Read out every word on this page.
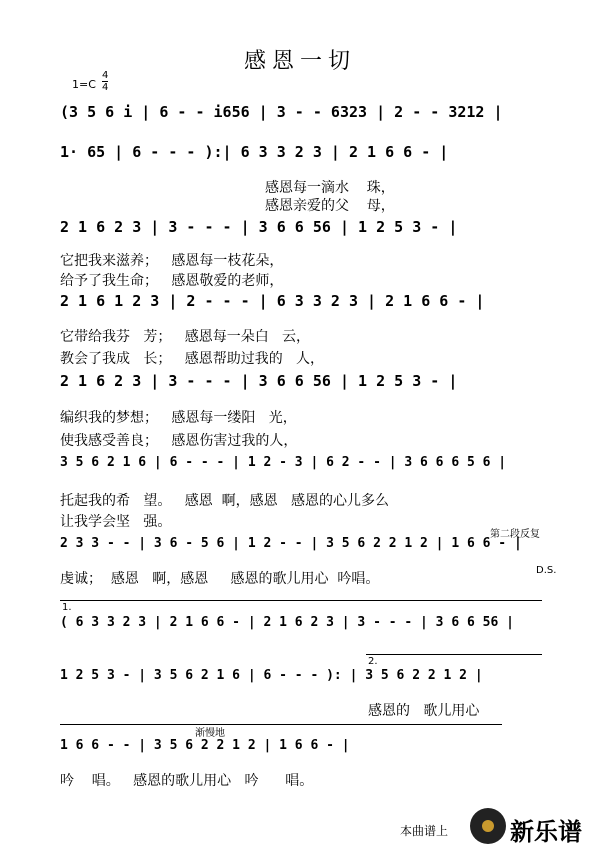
感恩一切
1=C
4
4
(3 5 6 i | 6 - - i656 | 3 - - 6323 | 2 - - 3212 |
1· 65 | 6 - - - ):| 6 3 3 2 3 | 2 1 6 6 - |
感恩每一滴水    珠，
感恩亲爱的父    母，
2 1 6 2 3 | 3 - - - | 3 6 6 56 | 1 2 5 3 - |
它把我来滋养；   感恩每一枝花朵，
给予了我生命；   感恩敬爱的老师，
2 1 6 1 2 3 | 2 - - - | 6 3 3 2 3 | 2 1 6 6 - |
它带给我芬   芳；   感恩每一朵白   云，
教会了我成   长；   感恩帮助过我的   人，
2 1 6 2 3 | 3 - - - | 3 6 6 56 | 1 2 5 3 - |
编织我的梦想；   感恩每一缕阳   光，
使我感受善良；   感恩伤害过我的人，
3 5 6 2 1 6 | 6 - - - | 1 2 - 3 | 6 2 - - | 3 6 6 6 5 6 |
托起我的希   望。   感恩  啊，感恩   感恩的心儿多么
让我学会坚   强。
第二段反复
2 3 3 - - | 3 6 - 5 6 | 1 2 - - | 3 5 6 2 2 1 2 | 1 6 6 - |
虔诚；  感恩   啊，感恩     感恩的歌儿用心  吟唱。
D.S.
1.
( 6 3 3 2 3 | 2 1 6 6 - | 2 1 6 2 3 | 3 - - - | 3 6 6 56 |
1 2 5 3 - | 3 5 6 2 1 6 | 6 - - - ): | 3 5 6 2 2 1 2 |
2.
感恩的   歌儿用心
渐慢地
1 6 6 - - | 3 5 6 2 2 1 2 | 1 6 6 - |
吟    唱。   感恩的歌儿用心   吟      唱。
本曲谱上	新乐谱
